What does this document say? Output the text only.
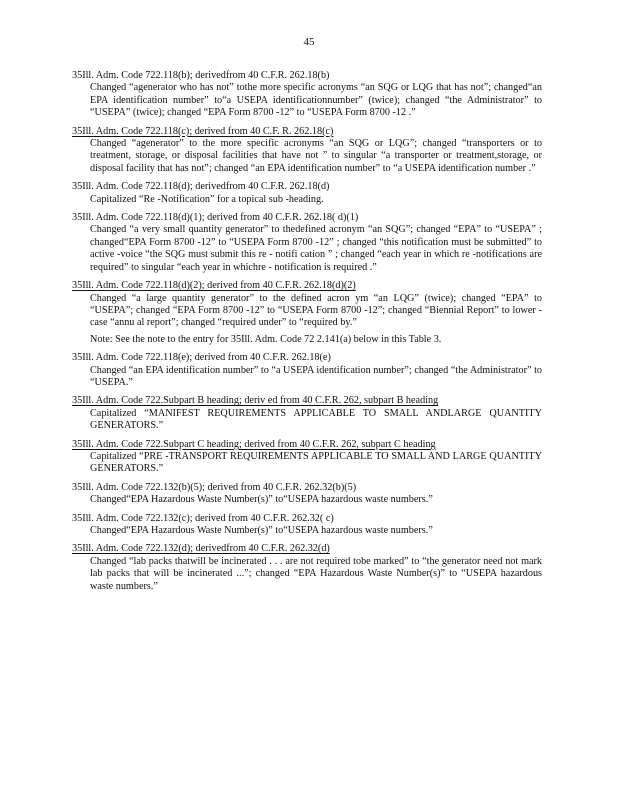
45
35Ill. Adm. Code 722.118(b); derivedfrom 40 C.F.R. 262.18(b)
Changed “agenerator who has not” tothe more specific acronyms “an SQG or LQG that has not”; changed“an EPA identification number” to“a USEPA identificationnumber” (twice); changed “the Administrator” to “USEPA” (twice); changed “EPA Form 8700 -12” to “USEPA Form 8700 -12 .”
35Ill. Adm. Code 722.118(c); derived from 40 C.F. R. 262.18(c)
Changed “agenerator” to the more specific acronyms “an SQG or LQG”; changed “transporters or to treatment, storage, or disposal facilities that have not ” to singular “a transporter or treatment,storage, or disposal facility that has not”; changed “an EPA identification number” to “a USEPA identification number .”
35Ill. Adm. Code 722.118(d); derivedfrom 40 C.F.R. 262.18(d)
Capitalized “Re -Notification” for a topical sub -heading.
35Ill. Adm. Code 722.118(d)(1); derived from 40 C.F.R. 262.18( d)(1)
Changed “a very small quantity generator” to thedefined acronym “an SQG”; changed “EPA” to “USEPA” ; changed“EPA Form 8700 -12” to “USEPA Form 8700 -12” ; changed “this notification must be submitted” to active -voice “the SQG must submit this re - notifi cation ” ; changed “each year in which re -notifications are required” to singular “each year in whichre - notification is required .”
35Ill. Adm. Code 722.118(d)(2); derived from 40 C.F.R. 262.18(d)(2)
Changed “a large quantity generator” to the defined acron ym “an LQG” (twice); changed “EPA” to “USEPA”; changed “EPA Form 8700 -12” to “USEPA Form 8700 -12”; changed “Biennial Report” to lower -case “annu al report”; changed “required under” to “required by.”
Note: See the note to the entry for 35Ill. Adm. Code 72 2.141(a) below in this Table 3.
35Ill. Adm. Code 722.118(e); derived from 40 C.F.R. 262.18(e)
Changed “an EPA identification number” to “a USEPA identification number”; changed “the Administrator” to “USEPA.”
35Ill. Adm. Code 722.Subpart B heading; deriv ed from 40 C.F.R. 262, subpart B heading
Capitalized “MANIFEST REQUIREMENTS APPLICABLE TO SMALL ANDLARGE QUANTITY GENERATORS.”
35Ill. Adm. Code 722.Subpart C heading; derived from 40 C.F.R. 262, subpart C heading
Capitalized “PRE -TRANSPORT REQUIREMENTS APPLICABLE TO SMALL AND LARGE QUANTITY GENERATORS.”
35Ill. Adm. Code 722.132(b)(5); derived from 40 C.F.R. 262.32(b)(5)
Changed“EPA Hazardous Waste Number(s)” to“USEPA hazardous waste numbers.”
35Ill. Adm. Code 722.132(c); derived from 40 C.F.R. 262.32( c)
Changed“EPA Hazardous Waste Number(s)” to“USEPA hazardous waste numbers.”
35Ill. Adm. Code 722.132(d); derivedfrom 40 C.F.R. 262.32(d)
Changed “lab packs thatwill be incinerated . . . are not required tobe marked” to “the generator need not mark lab packs that will be incinerated ...”; changed “EPA Hazardous Waste Number(s)” to “USEPA hazardous waste numbers.”
